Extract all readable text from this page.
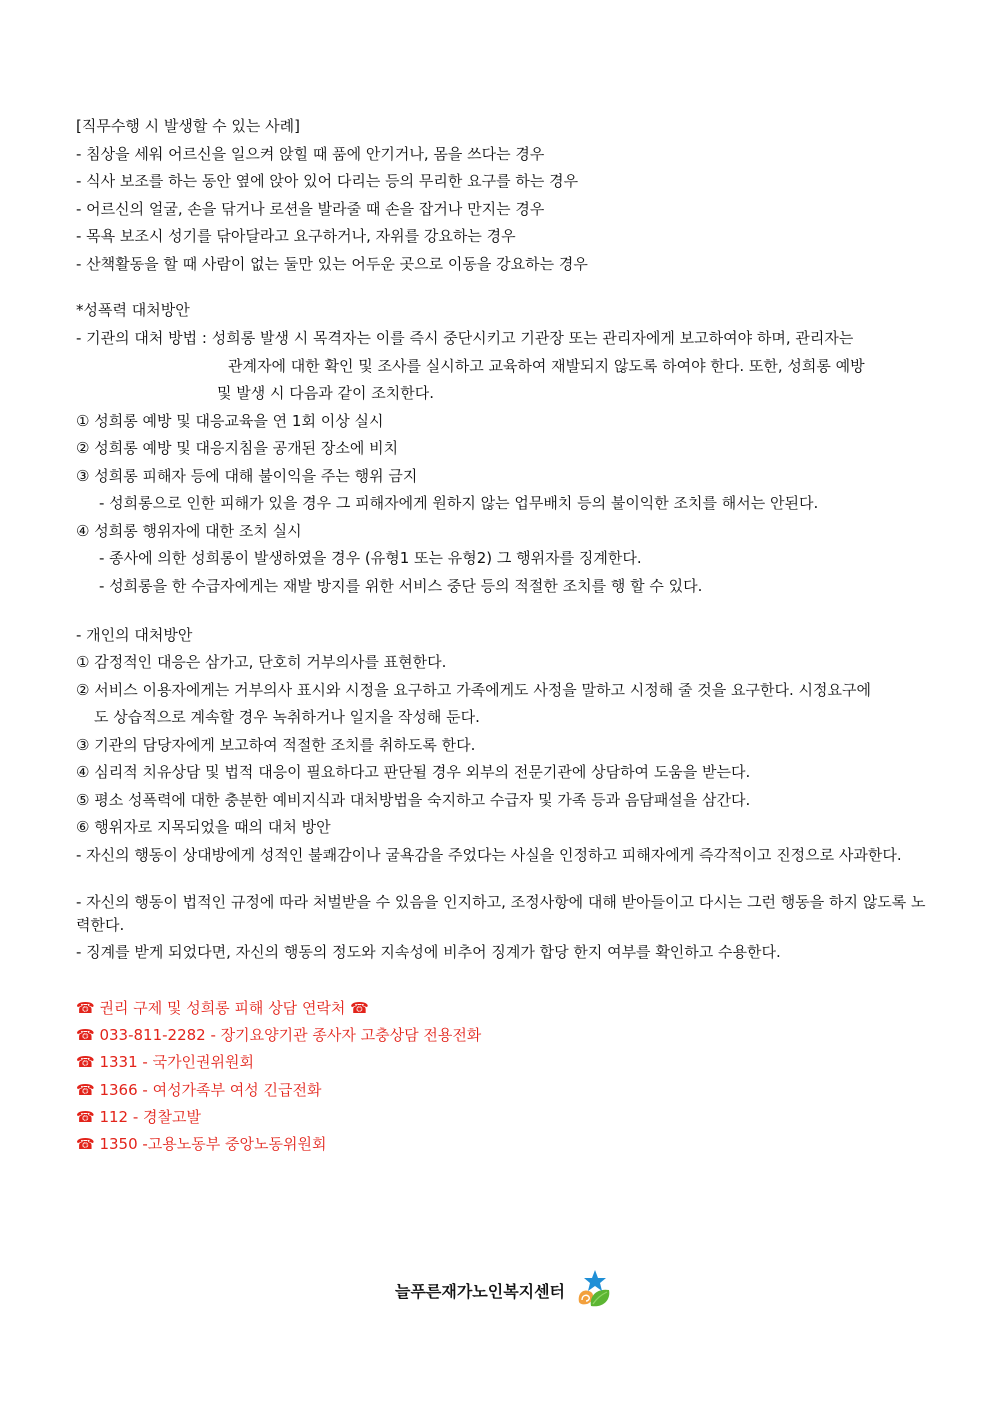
[직무수행 시 발생할 수 있는 사례]
- 침상을 세워 어르신을 일으켜 앉힐 때 품에 안기거나, 몸을 쓰다는 경우
- 식사 보조를 하는 동안 옆에 앉아 있어 다리는 등의 무리한 요구를 하는 경우
- 어르신의 얼굴, 손을 닦거나 로션을 발라줄 때 손을 잡거나 만지는 경우
- 목욕 보조시 성기를 닦아달라고 요구하거나, 자위를 강요하는 경우
- 산책활동을 할 때 사람이 없는 둘만 있는 어두운 곳으로 이동을 강요하는 경우
*성폭력 대처방안
- 기관의 대처 방법 : 성희롱 발생 시 목격자는 이를 즉시 중단시키고 기관장 또는 관리자에게 보고하여야 하며, 관리자는
관계자에 대한 확인 및 조사를 실시하고 교육하여 재발되지 않도록 하여야 한다. 또한, 성희롱 예방
및 발생 시 다음과 같이 조치한다.
① 성희롱 예방 및 대응교육을 연 1회 이상 실시
② 성희롱 예방 및 대응지침을 공개된 장소에 비치
③ 성희롱 피해자 등에 대해 불이익을 주는 행위 금지
- 성희롱으로 인한 피해가 있을 경우 그 피해자에게 원하지 않는 업무배치 등의 불이익한 조치를 해서는 안된다.
④ 성희롱 행위자에 대한 조치 실시
- 종사에 의한 성희롱이 발생하였을 경우 (유형1 또는 유형2) 그 행위자를 징계한다.
- 성희롱을 한 수급자에게는 재발 방지를 위한 서비스 중단 등의 적절한 조치를 행 할 수 있다.
- 개인의 대처방안
① 감정적인 대응은 삼가고, 단호히 거부의사를 표현한다.
② 서비스 이용자에게는 거부의사 표시와 시정을 요구하고 가족에게도 사정을 말하고 시정해 줄 것을 요구한다. 시정요구에
도 상습적으로 계속할 경우 녹취하거나 일지을 작성해 둔다.
③ 기관의 담당자에게 보고하여 적절한 조치를 취하도록 한다.
④ 심리적 치유상담 및 법적 대응이 필요하다고 판단될 경우 외부의 전문기관에 상담하여 도움을 받는다.
⑤ 평소 성폭력에 대한 충분한 예비지식과 대처방법을 숙지하고 수급자 및 가족 등과 음담패설을 삼간다.
⑥ 행위자로 지목되었을 때의 대처 방안
- 자신의 행동이 상대방에게 성적인 불쾌감이나 굴욕감을 주었다는 사실을 인정하고 피해자에게 즉각적이고 진정으로 사과한다.
- 자신의 행동이 법적인 규정에 따라 처벌받을 수 있음을 인지하고, 조정사항에 대해 받아들이고 다시는 그런 행동을 하지 않도록 노력한다.
- 징계를 받게 되었다면, 자신의 행동의 정도와 지속성에 비추어 징계가 합당 한지 여부를 확인하고 수용한다.
☎ 권리 구제 및 성희롱 피해 상담 연락처 ☎
☎ 033-811-2282 - 장기요양기관 종사자 고충상담 전용전화
☎ 1331 - 국가인권위원회
☎ 1366 - 여성가족부 여성 긴급전화
☎ 112 - 경찰고발
☎ 1350 -고용노동부 중앙노동위원회
늘푸른재가노인복지센터
